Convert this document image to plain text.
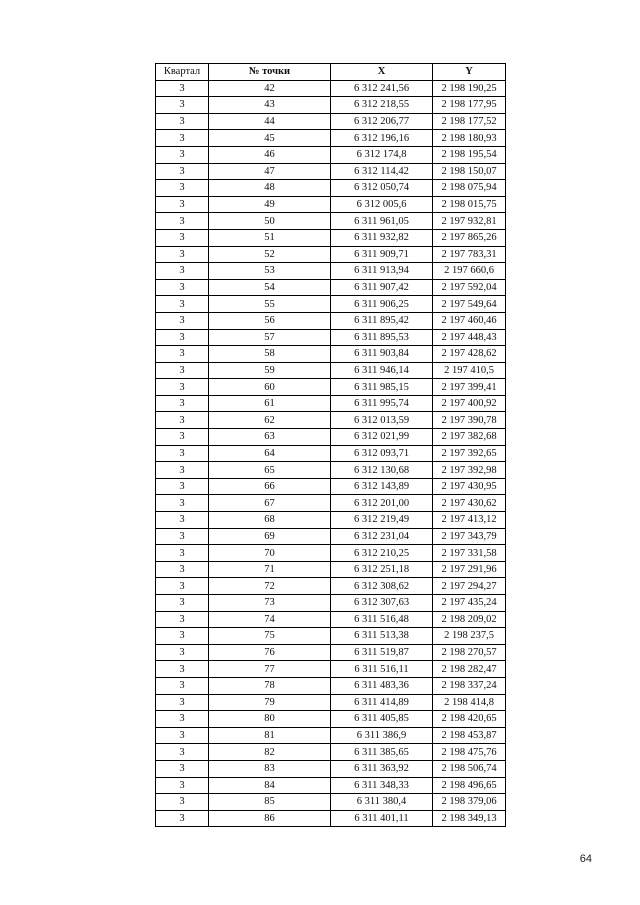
Квартал	№ точки	X	Y
3	42	6 312 241,56	2 198 190,25
3	43	6 312 218,55	2 198 177,95
3	44	6 312 206,77	2 198 177,52
3	45	6 312 196,16	2 198 180,93
3	46	6 312 174,8	2 198 195,54
3	47	6 312 114,42	2 198 150,07
3	48	6 312 050,74	2 198 075,94
3	49	6 312 005,6	2 198 015,75
3	50	6 311 961,05	2 197 932,81
3	51	6 311 932,82	2 197 865,26
3	52	6 311 909,71	2 197 783,31
3	53	6 311 913,94	2 197 660,6
3	54	6 311 907,42	2 197 592,04
3	55	6 311 906,25	2 197 549,64
3	56	6 311 895,42	2 197 460,46
3	57	6 311 895,53	2 197 448,43
3	58	6 311 903,84	2 197 428,62
3	59	6 311 946,14	2 197 410,5
3	60	6 311 985,15	2 197 399,41
3	61	6 311 995,74	2 197 400,92
3	62	6 312 013,59	2 197 390,78
3	63	6 312 021,99	2 197 382,68
3	64	6 312 093,71	2 197 392,65
3	65	6 312 130,68	2 197 392,98
3	66	6 312 143,89	2 197 430,95
3	67	6 312 201,00	2 197 430,62
3	68	6 312 219,49	2 197 413,12
3	69	6 312 231,04	2 197 343,79
3	70	6 312 210,25	2 197 331,58
3	71	6 312 251,18	2 197 291,96
3	72	6 312 308,62	2 197 294,27
3	73	6 312 307,63	2 197 435,24
3	74	6 311 516,48	2 198 209,02
3	75	6 311 513,38	2 198 237,5
3	76	6 311 519,87	2 198 270,57
3	77	6 311 516,11	2 198 282,47
3	78	6 311 483,36	2 198 337,24
3	79	6 311 414,89	2 198 414,8
3	80	6 311 405,85	2 198 420,65
3	81	6 311 386,9	2 198 453,87
3	82	6 311 385,65	2 198 475,76
3	83	6 311 363,92	2 198 506,74
3	84	6 311 348,33	2 198 496,65
3	85	6 311 380,4	2 198 379,06
3	86	6 311 401,11	2 198 349,13
64
